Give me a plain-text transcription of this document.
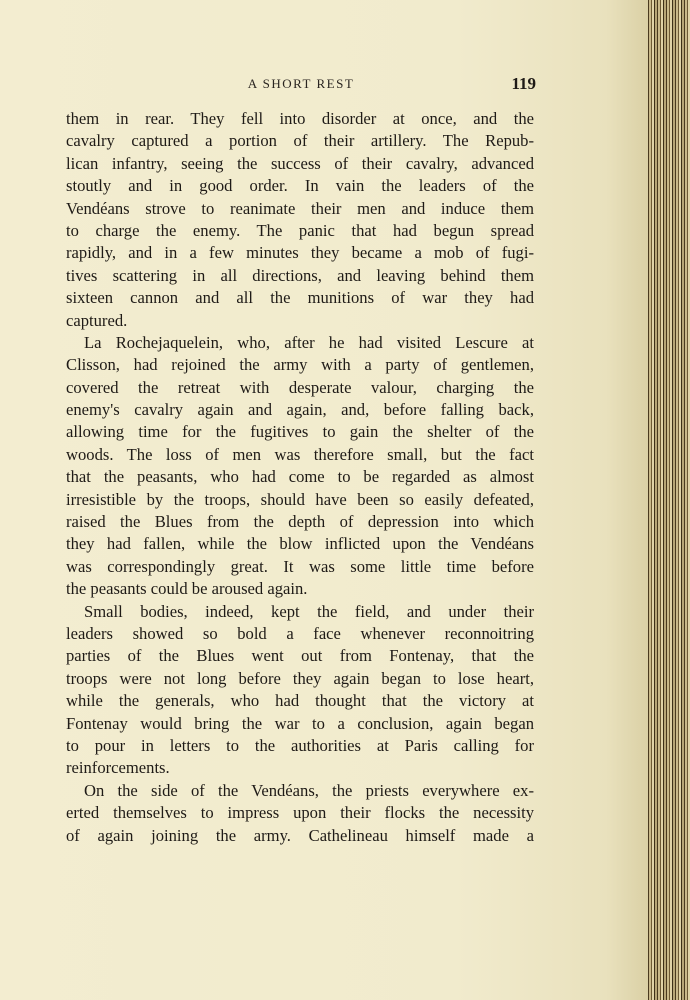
A SHORT REST	119
them in rear. They fell into disorder at once, and the
cavalry captured a portion of their artillery. The Repub-
lican infantry, seeing the success of their cavalry, advanced
stoutly and in good order. In vain the leaders of the
Vendéans strove to reanimate their men and induce them
to charge the enemy. The panic that had begun spread
rapidly, and in a few minutes they became a mob of fugi-
tives scattering in all directions, and leaving behind them
sixteen cannon and all the munitions of war they had
captured.
La Rochejaquelein, who, after he had visited Lescure at
Clisson, had rejoined the army with a party of gentlemen,
covered the retreat with desperate valour, charging the
enemy's cavalry again and again, and, before falling back,
allowing time for the fugitives to gain the shelter of the
woods. The loss of men was therefore small, but the fact
that the peasants, who had come to be regarded as almost
irresistible by the troops, should have been so easily defeated,
raised the Blues from the depth of depression into which
they had fallen, while the blow inflicted upon the Vendéans
was correspondingly great. It was some little time before
the peasants could be aroused again.
Small bodies, indeed, kept the field, and under their
leaders showed so bold a face whenever reconnoitring
parties of the Blues went out from Fontenay, that the
troops were not long before they again began to lose heart,
while the generals, who had thought that the victory at
Fontenay would bring the war to a conclusion, again began
to pour in letters to the authorities at Paris calling for
reinforcements.
On the side of the Vendéans, the priests everywhere ex-
erted themselves to impress upon their flocks the necessity
of again joining the army. Cathelineau himself made a
